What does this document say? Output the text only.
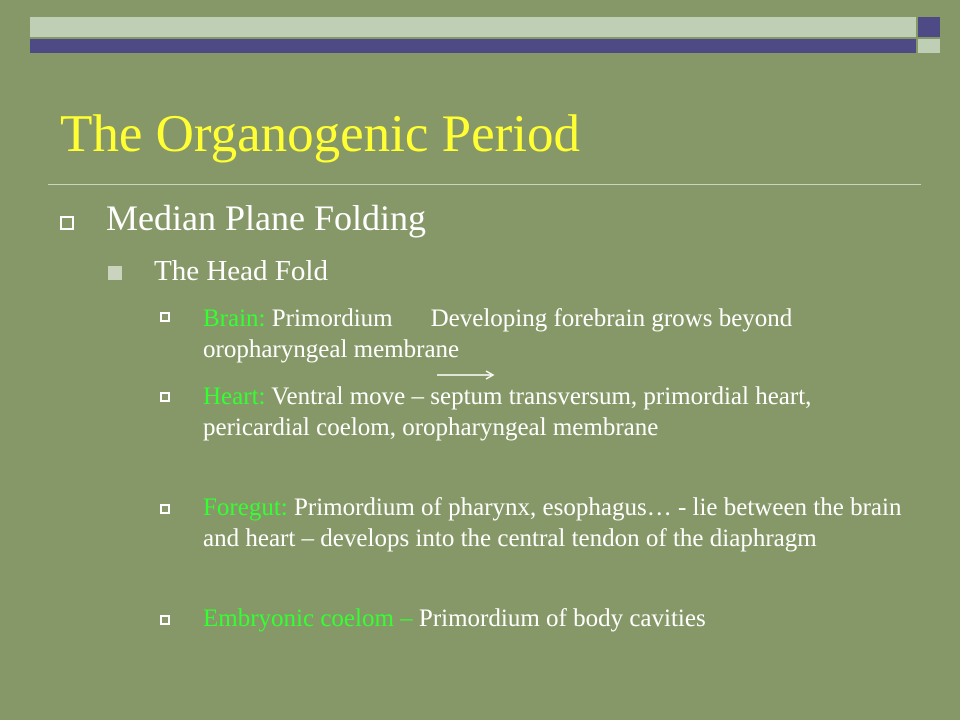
The Organogenic Period
Median Plane Folding
The Head Fold
Brain: Primordium Developing forebrain grows beyond oropharyngeal membrane
Heart: Ventral move – septum transversum, primordial heart, pericardial coelom, oropharyngeal membrane
Foregut: Primordium of pharynx, esophagus… - lie between the brain and heart – develops into the central tendon of the diaphragm
Embryonic coelom – Primordium of body cavities
